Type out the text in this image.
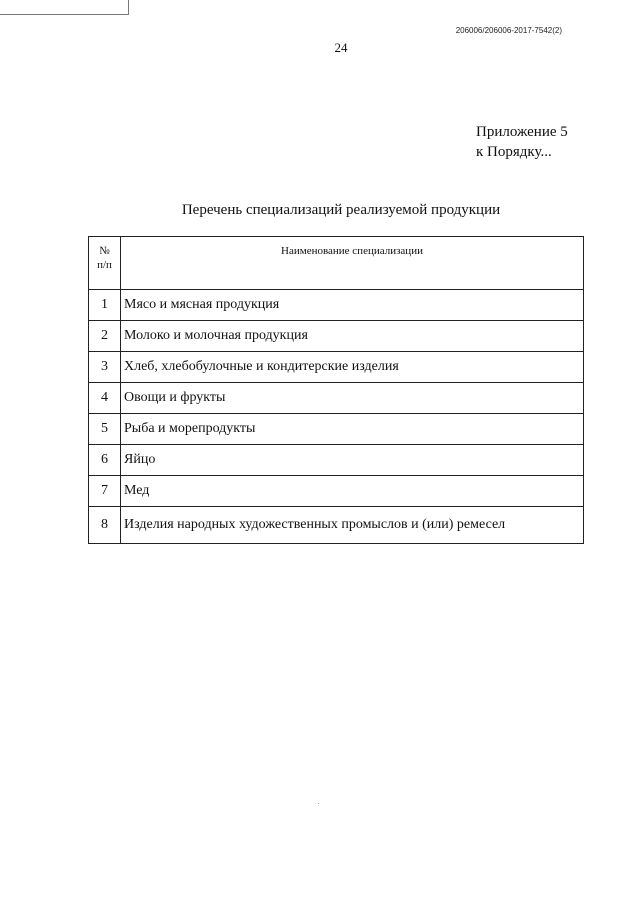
206006/206006-2017-7542(2)
24
Приложение 5
к Порядку...
Перечень специализаций реализуемой продукции
№
п/п	Наименование специализации
1	Мясо и мясная продукция
2	Молоко и молочная продукция
3	Хлеб, хлебобулочные и кондитерские изделия
4	Овощи и фрукты
5	Рыба и морепродукты
6	Яйцо
7	Мед
8	Изделия народных художественных промыслов и (или) ремесел
